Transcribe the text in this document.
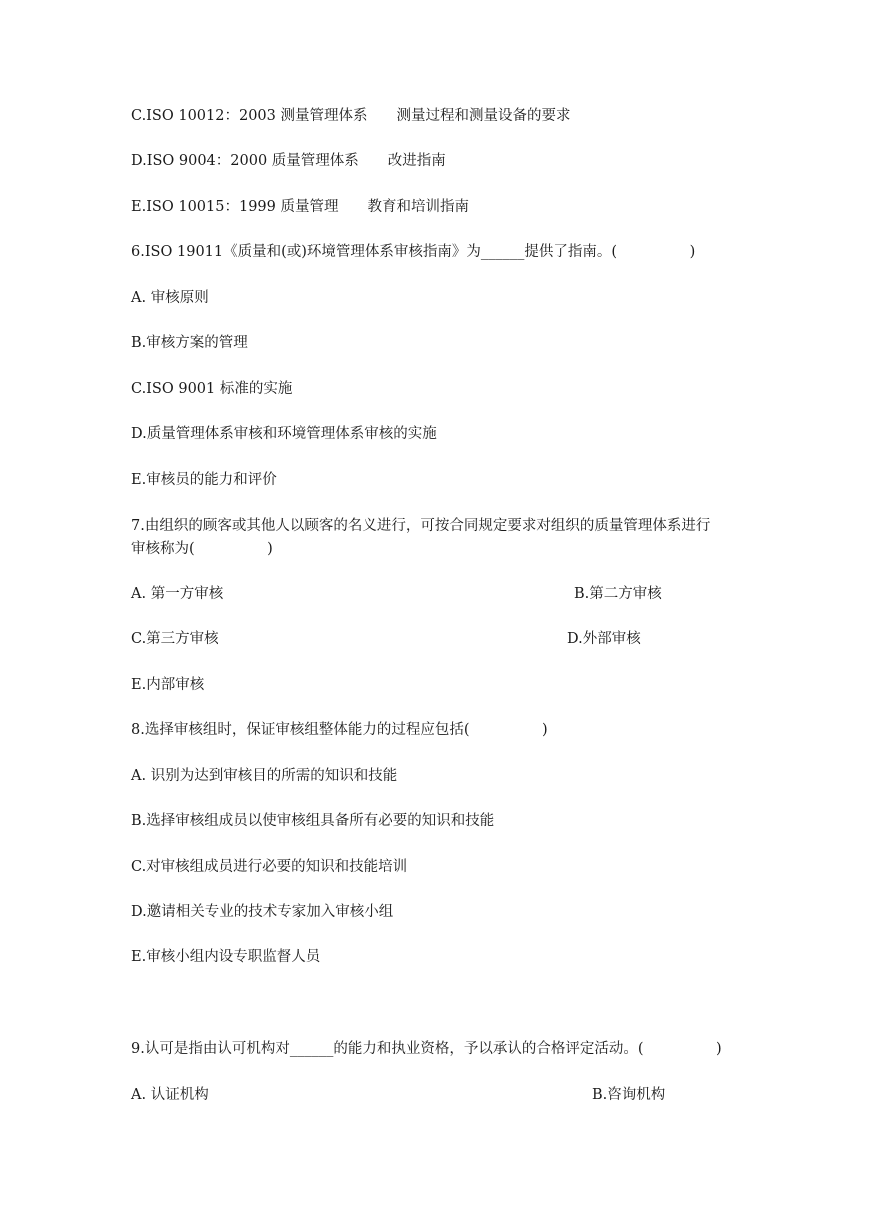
C.ISO 10012：2003 测量管理体系　　测量过程和测量设备的要求
D.ISO 9004：2000 质量管理体系　　改进指南
E.ISO 10015：1999 质量管理　　教育和培训指南
6.ISO 19011《质量和(或)环境管理体系审核指南》为______提供了指南。(　　　　　)
A. 审核原则
B.审核方案的管理
C.ISO 9001 标准的实施
D.质量管理体系审核和环境管理体系审核的实施
E.审核员的能力和评价
7.由组织的顾客或其他人以顾客的名义进行，可按合同规定要求对组织的质量管理体系进行
审核称为(　　　　　)
A. 第一方审核	B.第二方审核
C.第三方审核	D.外部审核
E.内部审核
8.选择审核组时，保证审核组整体能力的过程应包括(　　　　　)
A. 识别为达到审核目的所需的知识和技能
B.选择审核组成员以使审核组具备所有必要的知识和技能
C.对审核组成员进行必要的知识和技能培训
D.邀请相关专业的技术专家加入审核小组
E.审核小组内设专职监督人员
9.认可是指由认可机构对______的能力和执业资格，予以承认的合格评定活动。(　　　　　)
A. 认证机构	B.咨询机构
